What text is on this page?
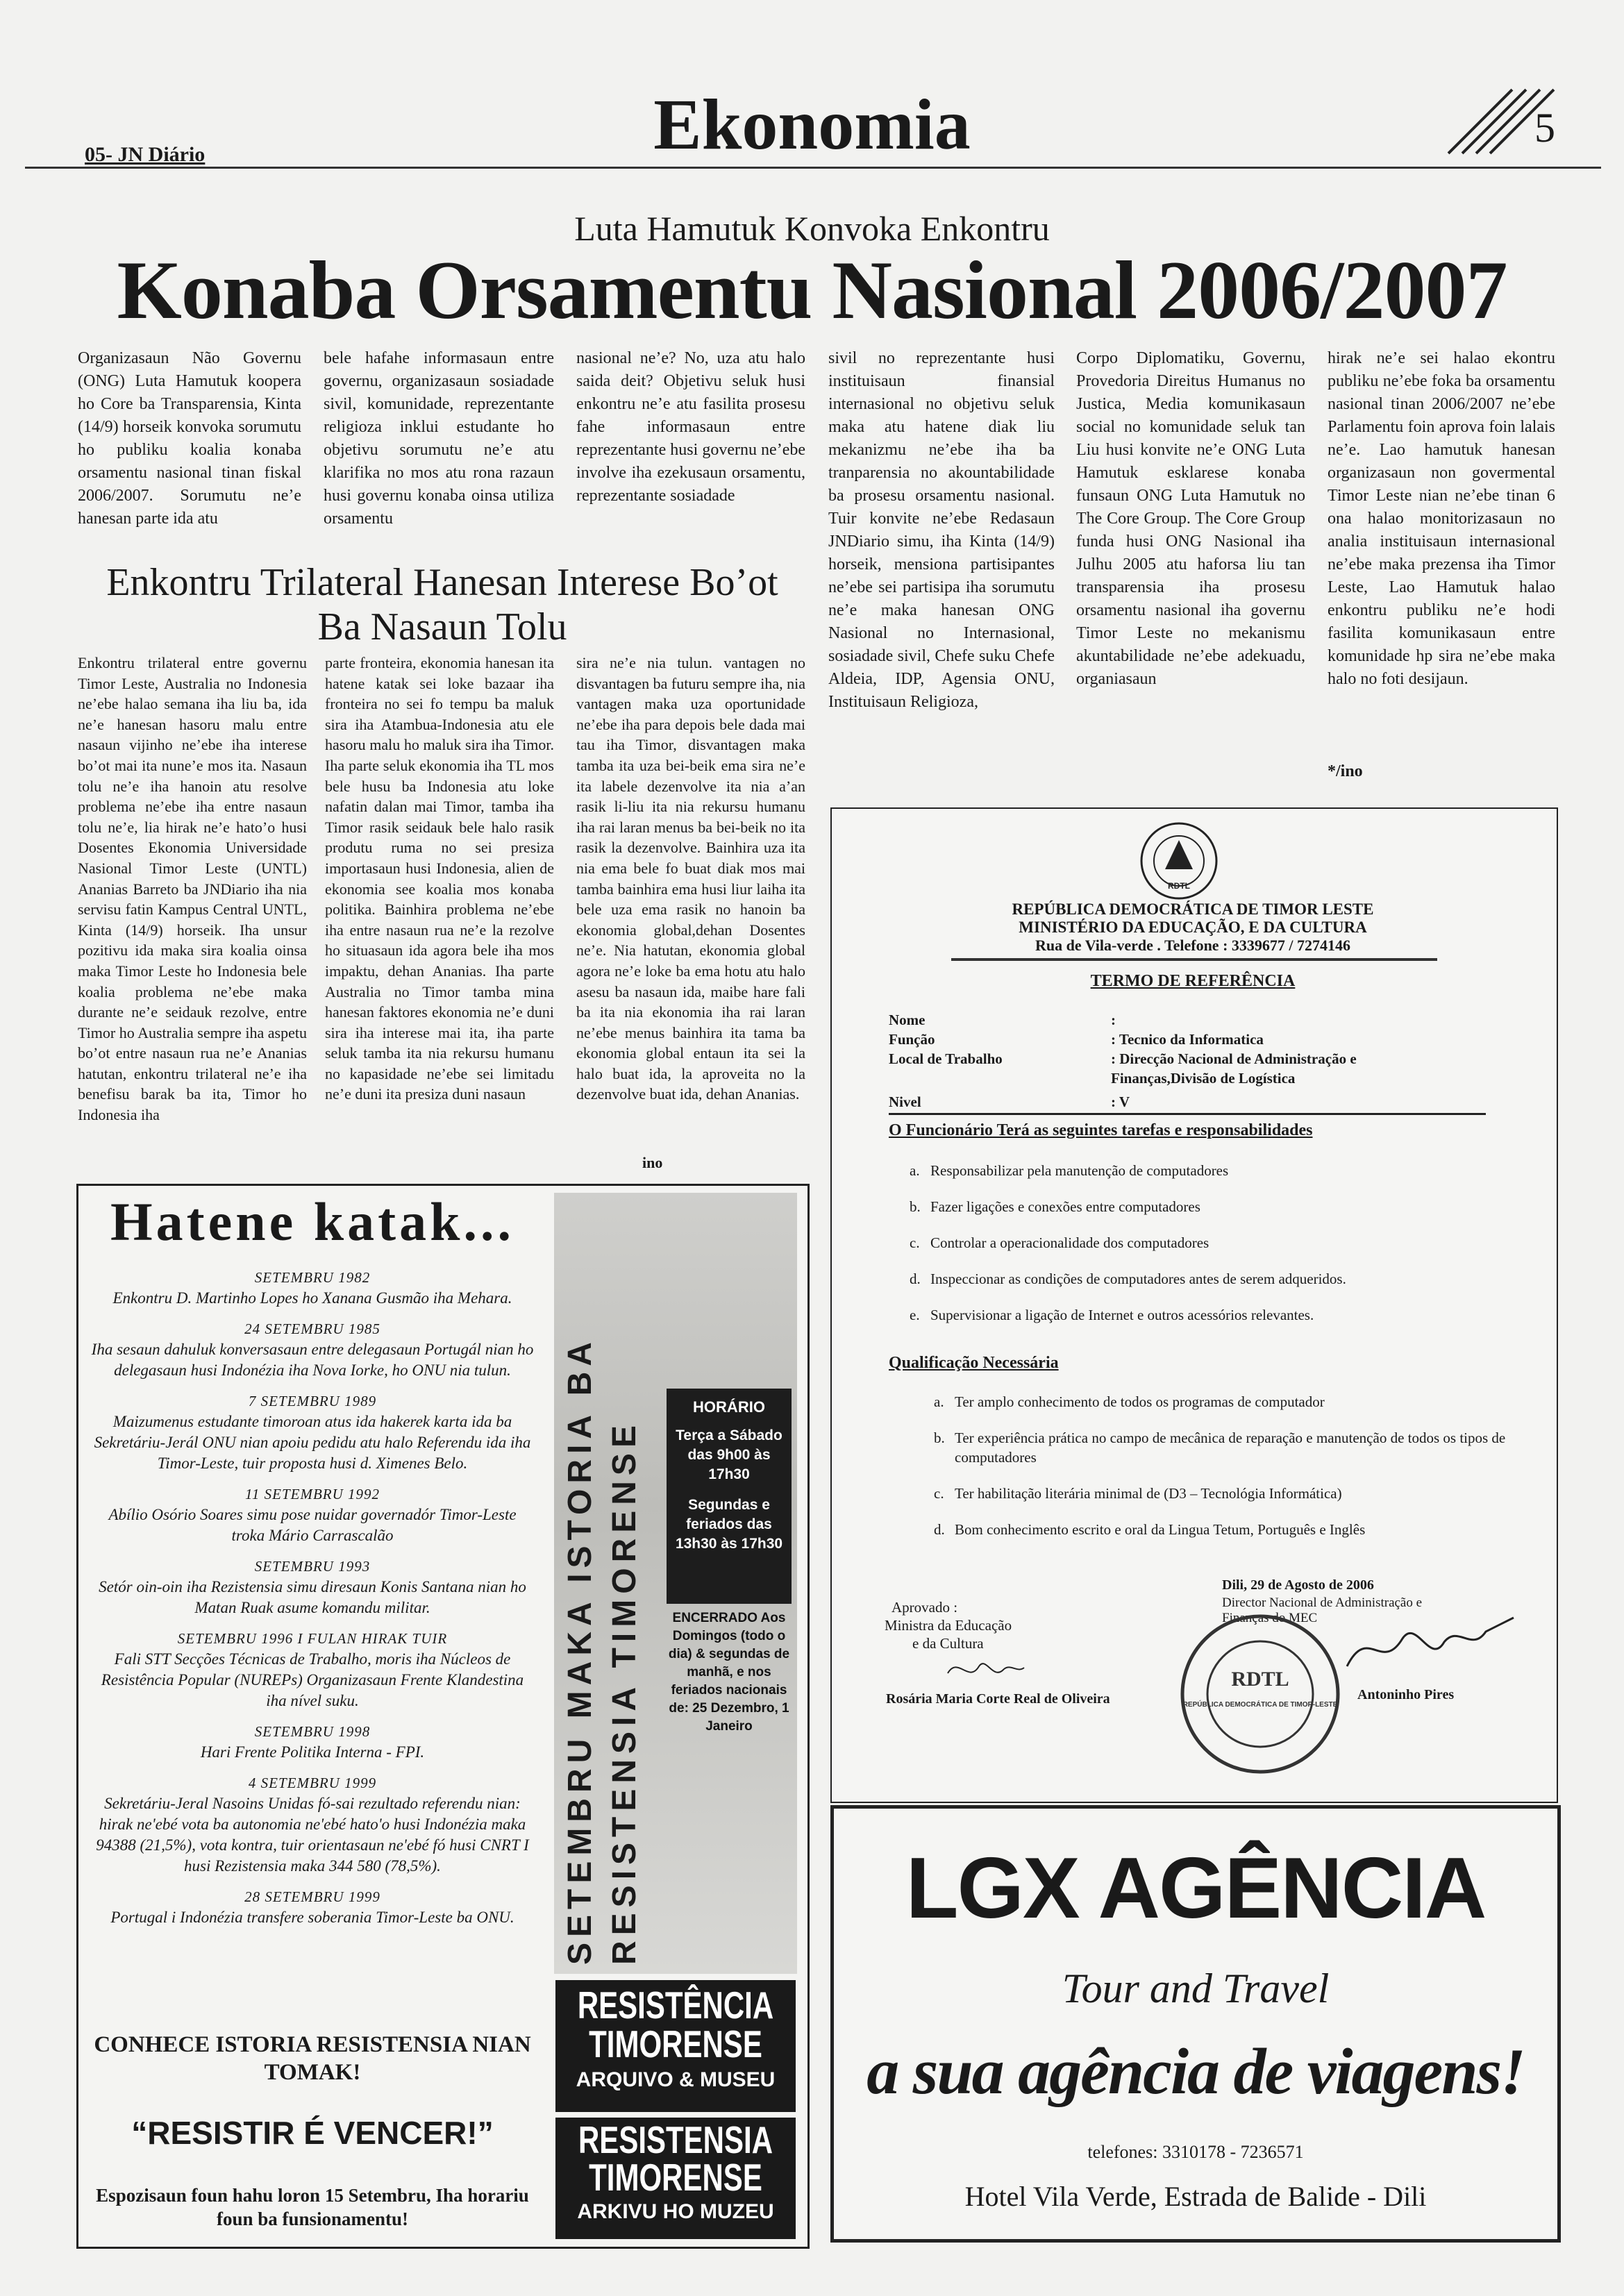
05- JN Diário	Ekonomia	5
Luta Hamutuk Konvoka Enkontru
Konaba Orsamentu Nasional 2006/2007
Organizasaun Não Governu (ONG) Luta Hamutuk koopera ho Core ba Transparensia, Kinta (14/9) horseik konvoka sorumutu ho publiku koalia konaba orsamentu nasional tinan fiskal 2006/2007. Sorumutu ne’e hanesan parte ida atu
bele hafahe informasaun entre governu, organizasaun sosiadade sivil, komunidade, reprezentante religioza inklui estudante ho objetivu sorumutu ne’e atu klarifika no mos atu rona razaun husi governu konaba oinsa utiliza orsamentu
nasional ne’e? No, uza atu halo saida deit? Objetivu seluk husi enkontru ne’e atu fasilita prosesu fahe informasaun entre reprezentante husi governu ne’ebe involve iha ezekusaun orsamentu, reprezentante sosiadade
sivil no reprezentante husi instituisaun finansial internasional no objetivu seluk maka atu hatene diak liu mekanizmu ne’ebe iha ba tranparensia no akountabilidade ba prosesu orsamentu nasional. Tuir konvite ne’ebe Redasaun JNDiario simu, iha Kinta (14/9) horseik, mensiona partisipantes ne’ebe sei partisipa iha sorumutu ne’e maka hanesan ONG Nasional no Internasional, sosiadade sivil, Chefe suku Chefe Aldeia, IDP, Agensia ONU, Instituisaun Religioza,
Corpo Diplomatiku, Governu, Provedoria Direitus Humanus no Justica, Media komunikasaun social no komunidade seluk tan Liu husi konvite ne’e ONG Luta Hamutuk esklarese konaba funsaun ONG Luta Hamutuk no The Core Group. The Core Group funda husi ONG Nasional iha Julhu 2005 atu haforsa liu tan transparensia iha prosesu orsamentu nasional iha governu Timor Leste no mekanismu akuntabilidade ne’ebe adekuadu, organiasaun
hirak ne’e sei halao ekontru publiku ne’ebe foka ba orsamentu nasional tinan 2006/2007 ne’ebe Parlamentu foin aprova foin lalais ne’e. Lao hamutuk hanesan organizasaun non govermental Timor Leste nian ne’ebe tinan 6 ona halao monitorizasaun no analia instituisaun internasional ne’ebe maka prezensa iha Timor Leste, Lao Hamutuk halao enkontru publiku ne’e hodi fasilita komunikasaun entre komunidade hp sira ne’ebe maka halo no foti desijaun.
*/ino
Enkontru Trilateral Hanesan Interese Bo’ot
Ba Nasaun Tolu
Enkontru trilateral entre governu Timor Leste, Australia no Indonesia ne’ebe halao semana iha liu ba, ida ne’e hanesan hasoru malu entre nasaun vijinho ne’ebe iha interese bo’ot mai ita nune’e mos ita. Nasaun tolu ne’e iha hanoin atu resolve problema ne’ebe iha entre nasaun tolu ne’e, lia hirak ne’e hato’o husi Dosentes Ekonomia Universidade Nasional Timor Leste (UNTL) Ananias Barreto ba JNDiario iha nia servisu fatin Kampus Central UNTL, Kinta (14/9) horseik. Iha unsur pozitivu ida maka sira koalia oinsa maka Timor Leste ho Indonesia bele koalia problema ne’ebe maka durante ne’e seidauk rezolve, entre Timor ho Australia sempre iha aspetu bo’ot entre nasaun rua ne’e Ananias hatutan, enkontru trilateral ne’e iha benefisu barak ba ita, Timor ho Indonesia iha
parte fronteira, ekonomia hanesan ita hatene katak sei loke bazaar iha fronteira no sei fo tempu ba maluk sira iha Atambua-Indonesia atu ele hasoru malu ho maluk sira iha Timor. Iha parte seluk ekonomia iha TL mos bele husu ba Indonesia atu loke nafatin dalan mai Timor, tamba iha Timor rasik seidauk bele halo rasik produtu ruma no sei presiza importasaun husi Indonesia, alien de ekonomia see koalia mos konaba politika. Bainhira problema ne’ebe iha entre nasaun rua ne’e la rezolve ho situasaun ida agora bele iha mos impaktu, dehan Ananias. Iha parte Australia no Timor tamba mina hanesan faktores ekonomia ne’e duni sira iha interese mai ita, iha parte seluk tamba ita nia rekursu humanu no kapasidade ne’ebe sei limitadu ne’e duni ita presiza duni nasaun
sira ne’e nia tulun. vantagen no disvantagen ba futuru sempre iha, nia vantagen maka uza oportunidade ne’ebe iha para depois bele dada mai tau iha Timor, disvantagen maka tamba ita uza bei-beik ema sira ne’e ita labele dezenvolve ita nia a’an rasik li-liu ita nia rekursu humanu iha rai laran menus ba bei-beik no ita rasik la dezenvolve. Bainhira uza ita nia ema bele fo buat diak mos mai tamba bainhira ema husi liur laiha ita bele uza ema rasik no hanoin ba ekonomia global,dehan Dosentes ne’e. Nia hatutan, ekonomia global agora ne’e loke ba ema hotu atu halo asesu ba nasaun ida, maibe hare fali ba ita nia ekonomia iha rai laran ne’ebe menus bainhira ita tama ba ekonomia global entaun ita sei la halo buat ida, la aproveita no la dezenvolve buat ida, dehan Ananias.
ino
Hatene katak...
SETEMBRU 1982
Enkontru D. Martinho Lopes ho Xanana Gusmão iha Mehara.
24 SETEMBRU 1985
Iha sesaun dahuluk konversasaun entre delegasaun Portugál nian ho delegasaun husi Indonézia iha Nova Iorke, ho ONU nia tulun.
7 SETEMBRU 1989
Maizumenus estudante timoroan atus ida hakerek karta ida ba Sekretáriu-Jerál ONU nian apoiu pedidu atu halo Referendu ida iha Timor-Leste, tuir proposta husi d. Ximenes Belo.
11 SETEMBRU 1992
Abílio Osório Soares simu pose nuidar governadór Timor-Leste troka Mário Carrascalão
SETEMBRU 1993
Setór oin-oin iha Rezistensia simu diresaun Konis Santana nian ho Matan Ruak asume komandu militar.
SETEMBRU 1996 I FULAN HIRAK TUIR
Fali STT Secções Técnicas de Trabalho, moris iha Núcleos de Resistência Popular (NUREPs) Organizasaun Frente Klandestina iha nível suku.
SETEMBRU 1998
Hari Frente Politika Interna - FPI.
4 SETEMBRU 1999
Sekretáriu-Jeral Nasoins Unidas fó-sai rezultado referendu nian: hirak ne'ebé vota ba autonomia ne'ebé hato'o husi Indonézia maka 94388 (21,5%), vota kontra, tuir orientasaun ne'ebé fó husi CNRT I husi Rezistensia maka 344 580 (78,5%).
28 SETEMBRU 1999
Portugal i Indonézia transfere soberania Timor-Leste ba ONU.
CONHECE ISTORIA RESISTENSIA NIAN TOMAK!
“RESISTIR É VENCER!”
Espozisaun foun hahu loron 15 Setembru, Iha horariu foun ba funsionamentu!
SETEMBRU MAKA ISTORIA BA RESISTENSIA TIMORENSE
HORÁRIO
Terça a Sábado das 9h00 às 17h30
Segundas e feriados das 13h30 às 17h30
ENCERRADO Aos Domingos (todo o dia) & segundas de manhã, e nos feriados nacionais de: 25 Dezembro, 1 Janeiro
RESISTÊNCIA
TIMORENSE
ARQUIVO & MUSEU
RESISTENSIA
TIMORENSE
ARKIVU HO MUZEU
RDTL
REPÚBLICA DEMOCRÁTICA DE TIMOR LESTE
MINISTÉRIO DA EDUCAÇÃO, E DA CULTURA
Rua de Vila-verde . Telefone : 3339677 / 7274146
TERMO DE REFERÊNCIA
Nome	:
Função	: Tecnico da Informatica
Local de Trabalho	: Direcção Nacional de Administração e Finanças,Divisão de Logística
Nivel	: V
O Funcionário Terá as seguintes tarefas e responsabilidades
a. Responsabilizar pela manutenção de computadores
b. Fazer ligações e conexões entre computadores
c. Controlar a operacionalidade dos computadores
d. Inspeccionar as condições de computadores antes de serem adqueridos.
e. Supervisionar a ligação de Internet e outros acessórios relevantes.
Qualificação Necessária
a. Ter amplo conhecimento de todos os programas de computador
b. Ter experiência prática no campo de mecânica de reparação e manutenção de todos os tipos de computadores
c. Ter habilitação literária minimal de (D3 – Tecnológia Informática)
d. Bom conhecimento escrito e oral da Lingua Tetum, Português e Inglês
Aprovado :
Ministra da Educação
e da Cultura
Rosária Maria Corte Real de Oliveira
Dili, 29 de Agosto de 2006
Director Nacional de Administração e Finanças do MEC
RDTL
REPÚBLICA DEMOCRÁTICA DE TIMOR-LESTE
Antoninho Pires
LGX AGÊNCIA
Tour and Travel
a sua agência de viagens!
telefones: 3310178 - 7236571
Hotel Vila Verde, Estrada de Balide - Dili
